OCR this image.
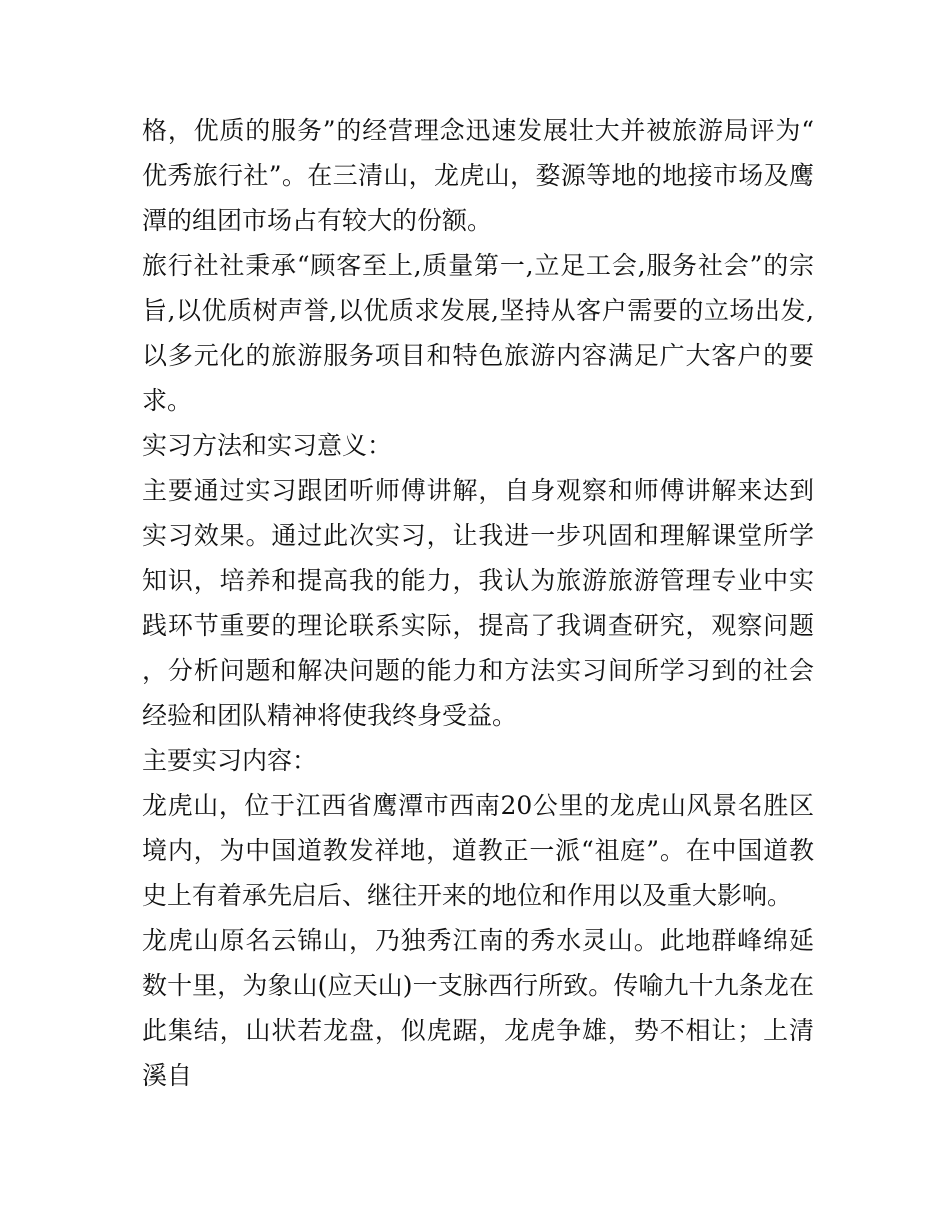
格，优质的服务”的经营理念迅速发展壮大并被旅游局评为“优秀旅行社”。在三清山，龙虎山，婺源等地的地接市场及鹰潭的组团市场占有较大的份额。

旅行社社秉承“顾客至上,质量第一,立足工会,服务社会”的宗旨,以优质树声誉,以优质求发展,坚持从客户需要的立场出发,以多元化的旅游服务项目和特色旅游内容满足广大客户的要求。

实习方法和实习意义：

主要通过实习跟团听师傅讲解，自身观察和师傅讲解来达到实习效果。通过此次实习，让我进一步巩固和理解课堂所学知识，培养和提高我的能力，我认为旅游旅游管理专业中实践环节重要的理论联系实际，提高了我调查研究，观察问题，分析问题和解决问题的能力和方法实习间所学习到的社会经验和团队精神将使我终身受益。

主要实习内容：

龙虎山，位于江西省鹰潭市西南20公里的龙虎山风景名胜区境内，为中国道教发祥地，道教正一派“祖庭”。在中国道教史上有着承先启后、继往开来的地位和作用以及重大影响。

龙虎山原名云锦山，乃独秀江南的秀水灵山。此地群峰绵延数十里，为象山(应天山)一支脉西行所致。传喻九十九条龙在此集结，山状若龙盘，似虎踞，龙虎争雄，势不相让；上清溪自
